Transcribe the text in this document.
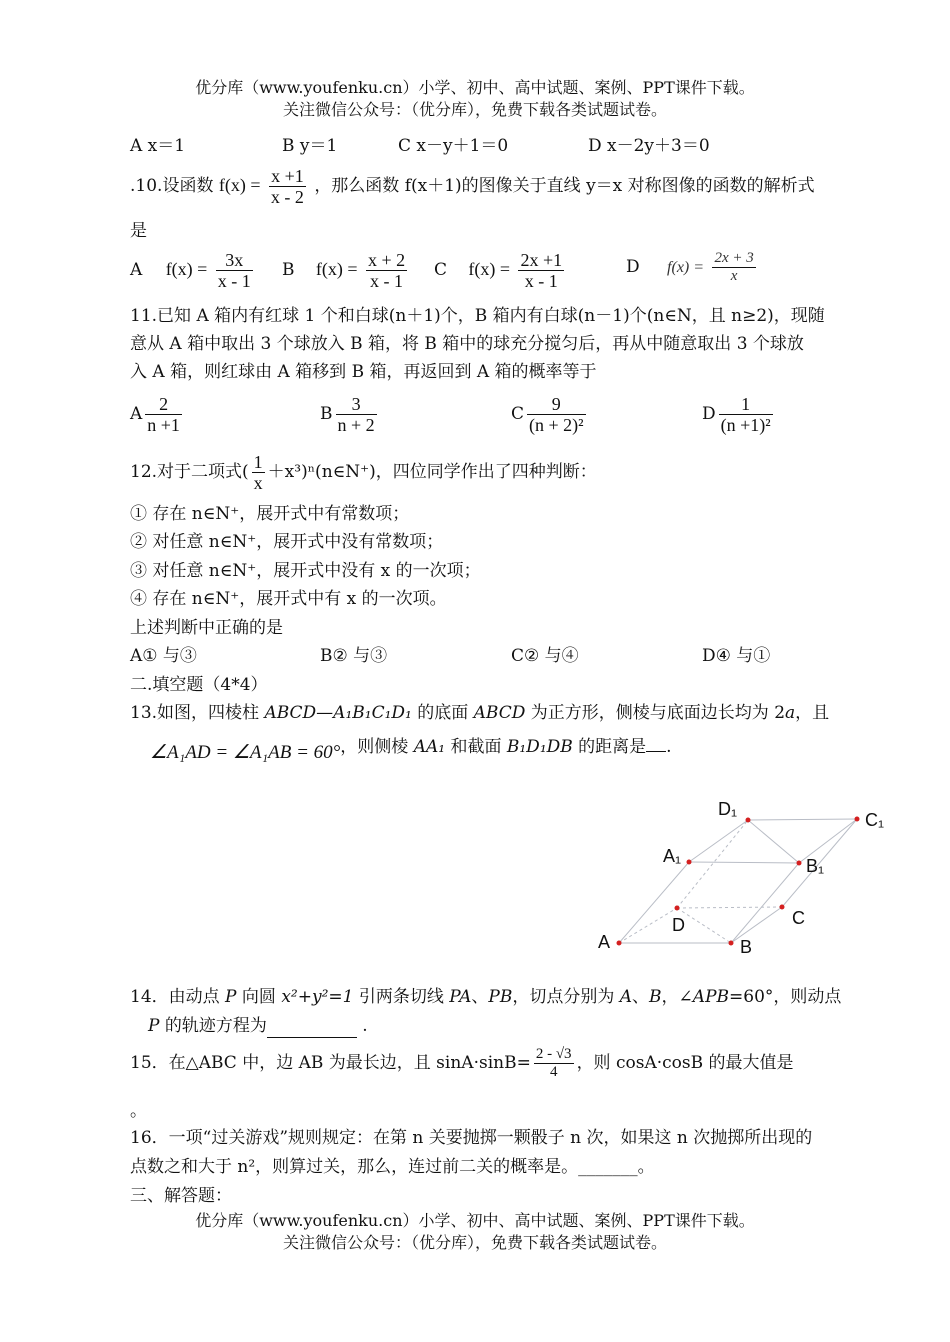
优分库（www.youfenku.cn）小学、初中、高中试题、案例、PPT课件下载。
关注微信公众号：（优分库），免费下载各类试题试卷。
A x＝1	B y＝1	C x－y＋1＝0	D x－2y＋3＝0
.10.设函数 $f(x) = \frac{x +1}{x - 2}$ ，那么函数 f(x＋1)的图像关于直线 y＝x 对称图像的函数的解析式
是
A $f(x) = \frac{3x}{x - 1}$ B $f(x) = \frac{x + 2}{x - 1}$ C $f(x) = \frac{2x +1}{x - 1}$	D $f(x) = \frac{2x + 3}{x}$
11.已知 A 箱内有红球 1 个和白球(n＋1)个，B 箱内有白球(n－1)个(n∈N，且 n≥2)，现随
意从 A 箱中取出 3 个球放入 B 箱，将 B 箱中的球充分搅匀后，再从中随意取出 3 个球放
入 A 箱，则红球由 A 箱移到 B 箱，再返回到 A 箱的概率等于
A $\frac{2}{n +1}$	B $\frac{3}{n + 2}$	C $\frac{9}{\text{(n + 2)²}}$	D $\frac{1}{\text{(n +1)²}}$
12.对于二项式( $\frac{1}{x}$ ＋x³)ⁿ(n∈N⁺)，四位同学作出了四种判断：
① 存在 n∈N⁺，展开式中有常数项；
② 对任意 n∈N⁺，展开式中没有常数项；
③ 对任意 n∈N⁺，展开式中没有 x 的一次项；
④ 存在 n∈N⁺，展开式中有 x 的一次项。
上述判断中正确的是
A① 与③	B② 与③	C② 与④	D④ 与①
二.填空题（4*4）
13.如图，四棱柱 ABCD—A₁B₁C₁D₁ 的底面 ABCD 为正方形，侧棱与底面边长均为 2a，且
∠A₁AD = ∠A₁AB = 60°，则侧棱 AA₁ 和截面 B₁D₁DB 的距离是 .
D₁
C₁
A₁	B₁
D	C
A	B
14．由动点 P 向圆 x²+y²=1 引两条切线 PA、PB，切点分别为 A、B，∠APB=60°，则动点
P 的轨迹方程为	.
15．在△ABC 中，边 AB 为最长边，且 $\sin A\cdot\sin B= \frac{2 - √3}{4}$ ，则 cosA·cosB 的最大值是
。
16．一项“过关游戏”规则规定：在第 n 关要抛掷一颗骰子 n 次，如果这 n 次抛掷所出现的
点数之和大于 n²，则算过关，那么，连过前二关的概率是。_______。
三、解答题：
优分库（www.youfenku.cn）小学、初中、高中试题、案例、PPT课件下载。
关注微信公众号：（优分库），免费下载各类试题试卷。
